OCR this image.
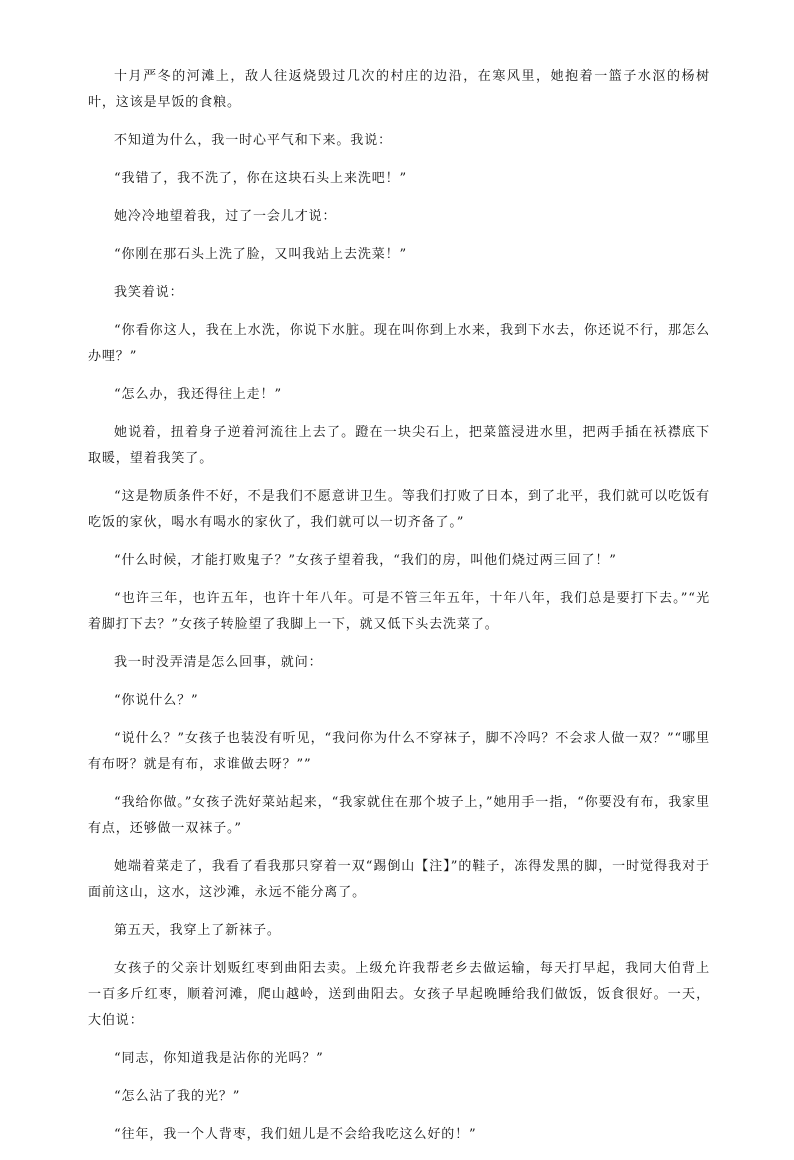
十月严冬的河滩上，敌人往返烧毁过几次的村庄的边沿，在寒风里，她抱着一篮子水沤的杨树叶，这该是早饭的食粮。

不知道为什么，我一时心平气和下来。我说：

“我错了，我不洗了，你在这块石头上来洗吧！”

她冷冷地望着我，过了一会儿才说：

“你刚在那石头上洗了脸，又叫我站上去洗菜！”

我笑着说：

“你看你这人，我在上水洗，你说下水脏。现在叫你到上水来，我到下水去，你还说不行，那怎么办哩？”

“怎么办，我还得往上走！”

她说着，扭着身子逆着河流往上去了。蹬在一块尖石上，把菜篮浸进水里，把两手插在袄襟底下取暖，望着我笑了。

“这是物质条件不好，不是我们不愿意讲卫生。等我们打败了日本，到了北平，我们就可以吃饭有吃饭的家伙，喝水有喝水的家伙了，我们就可以一切齐备了。”

“什么时候，才能打败鬼子？”女孩子望着我，“我们的房，叫他们烧过两三回了！”

“也许三年，也许五年，也许十年八年。可是不管三年五年，十年八年，我们总是要打下去。”“光着脚打下去？”女孩子转脸望了我脚上一下，就又低下头去洗菜了。

我一时没弄清是怎么回事，就问：

“你说什么？”

“说什么？”女孩子也装没有听见，“我问你为什么不穿袜子，脚不冷吗？不会求人做一双？”“哪里有布呀？就是有布，求谁做去呀？””

“我给你做。”女孩子洗好菜站起来，“我家就住在那个坡子上，”她用手一指，“你要没有布，我家里有点，还够做一双袜子。”

她端着菜走了，我看了看我那只穿着一双“踢倒山【注】”的鞋子，冻得发黑的脚，一时觉得我对于面前这山，这水，这沙滩，永远不能分离了。

第五天，我穿上了新袜子。

女孩子的父亲计划贩红枣到曲阳去卖。上级允许我帮老乡去做运输，每天打早起，我同大伯背上一百多斤红枣，顺着河滩，爬山越岭，送到曲阳去。女孩子早起晚睡给我们做饭，饭食很好。一天，大伯说：

“同志，你知道我是沾你的光吗？”

“怎么沾了我的光？”

“往年，我一个人背枣，我们妞儿是不会给我吃这么好的！”
